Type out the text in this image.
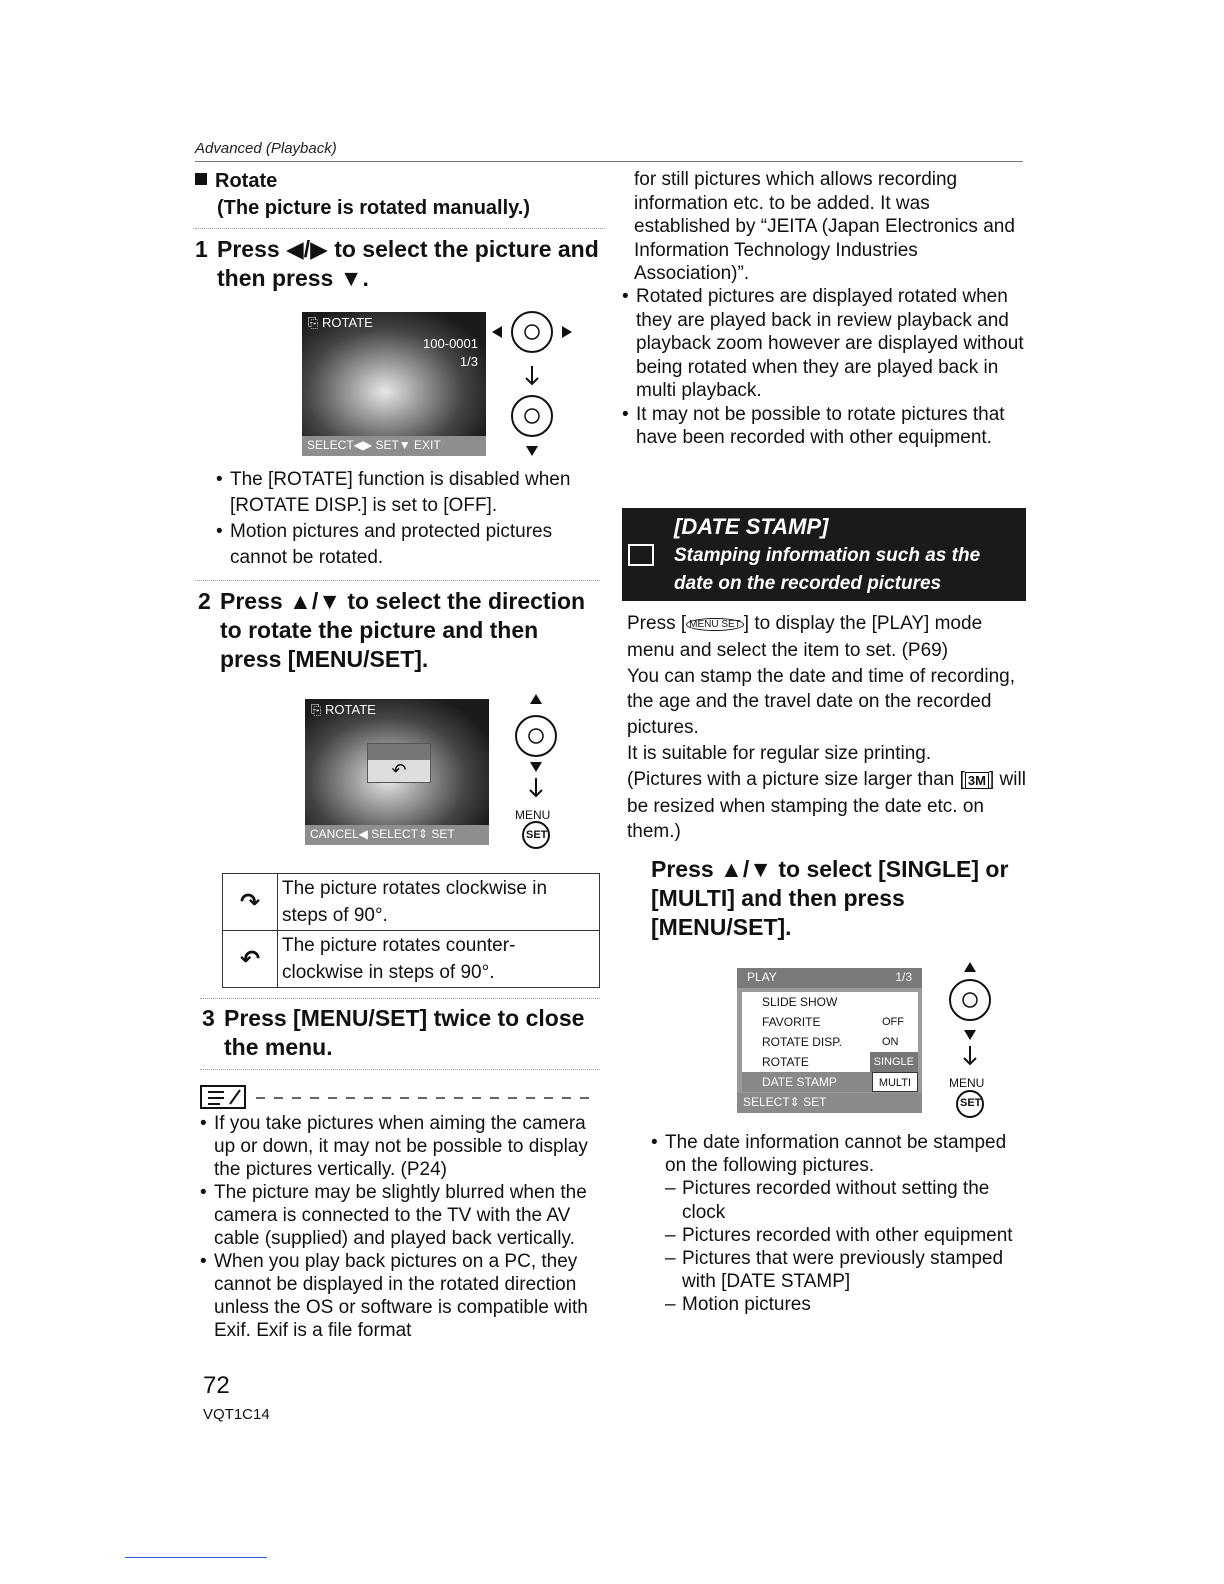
Advanced (Playback)

Rotate

(The picture is rotated manually.)

1 Press ◀/▶ to select the picture and then press ▼.
⎘ ROTATE
100-0001
1/3
SELECT◀▶ SET▼ EXIT
• The [ROTATE] function is disabled when [ROTATE DISP.] is set to [OFF].
• Motion pictures and protected pictures cannot be rotated.
2 Press ▲/▼ to select the direction to rotate the picture and then press [MENU/SET].
⎘ ROTATE
↶
CANCEL◀ SELECT⇕ SET
MENU
SET
↷	The picture rotates clockwise in steps of 90°.
↶	The picture rotates counter-clockwise in steps of 90°.
3 Press [MENU/SET] twice to close the menu.
• If you take pictures when aiming the camera up or down, it may not be possible to display the pictures vertically. (P24)
• The picture may be slightly blurred when the camera is connected to the TV with the AV cable (supplied) and played back vertically.
• When you play back pictures on a PC, they cannot be displayed in the rotated direction unless the OS or software is compatible with Exif. Exif is a file format
72
VQT1C14
for still pictures which allows recording information etc. to be added. It was established by “JEITA (Japan Electronics and Information Technology Industries Association)”.
• Rotated pictures are displayed rotated when they are played back in review playback and playback zoom however are displayed without being rotated when they are played back in multi playback.
• It may not be possible to rotate pictures that have been recorded with other equipment.
[DATE STAMP]
Stamping information such as the
date on the recorded pictures
Press [ MENU SET ] to display the [PLAY] mode menu and select the item to set. (P69)
You can stamp the date and time of recording, the age and the travel date on the recorded pictures.
It is suitable for regular size printing.
(Pictures with a picture size larger than [ 3M ] will be resized when stamping the date etc. on them.)
Press ▲/▼ to select [SINGLE] or [MULTI] and then press [MENU/SET].
PLAY	1/3
SLIDE SHOW
FAVORITE	OFF
ROTATE DISP.	ON
ROTATE	SINGLE
DATE STAMP	MULTI
SELECT⇕ SET
MENU
SET
• The date information cannot be stamped on the following pictures.
– Pictures recorded without setting the clock
– Pictures recorded with other equipment
– Pictures that were previously stamped with [DATE STAMP]
– Motion pictures
